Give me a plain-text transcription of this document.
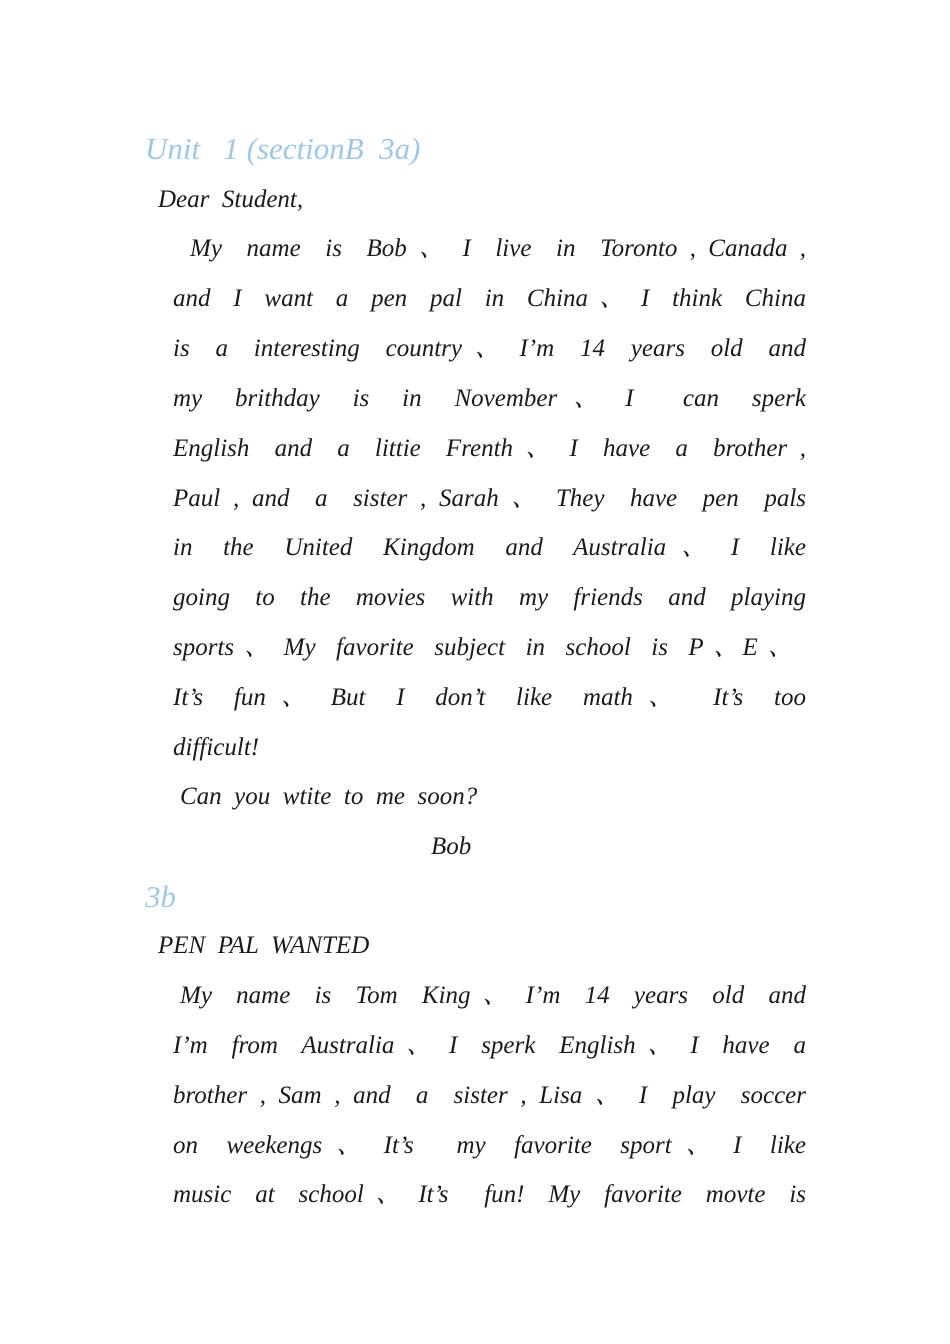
Unit   1 (sectionB  3a)
Dear  Student,
My  name  is  Bob 、 I  live  in  Toronto , Canada ,
and  I  want  a  pen  pal  in  China 、 I  think  China
is  a  interesting  country 、 I’m  14  years  old  and
my  brithday  is  in  November 、 I   can  sperk
English  and  a  littie  Frenth 、 I  have  a  brother ,
Paul , and  a  sister , Sarah 、 They  have  pen  pals
in  the  United  Kingdom  and  Australia 、 I  like
going  to  the  movies  with  my  friends  and  playing
sports 、 My  favorite  subject  in  school  is  P 、E 、
It’s  fun 、 But  I  don’t  like  math 、  It’s  too
difficult!
Can  you  wtite  to  me  soon?
Bob
3b
PEN  PAL  WANTED
My  name  is  Tom  King 、 I’m  14  years  old  and
I’m  from  Australia 、 I  sperk  English 、 I  have  a
brother , Sam , and  a  sister , Lisa 、 I  play  soccer
on  weekengs 、 It’s   my  favorite  sport 、 I  like
music  at  school 、 It’s   fun!  My  favorite  movte  is
